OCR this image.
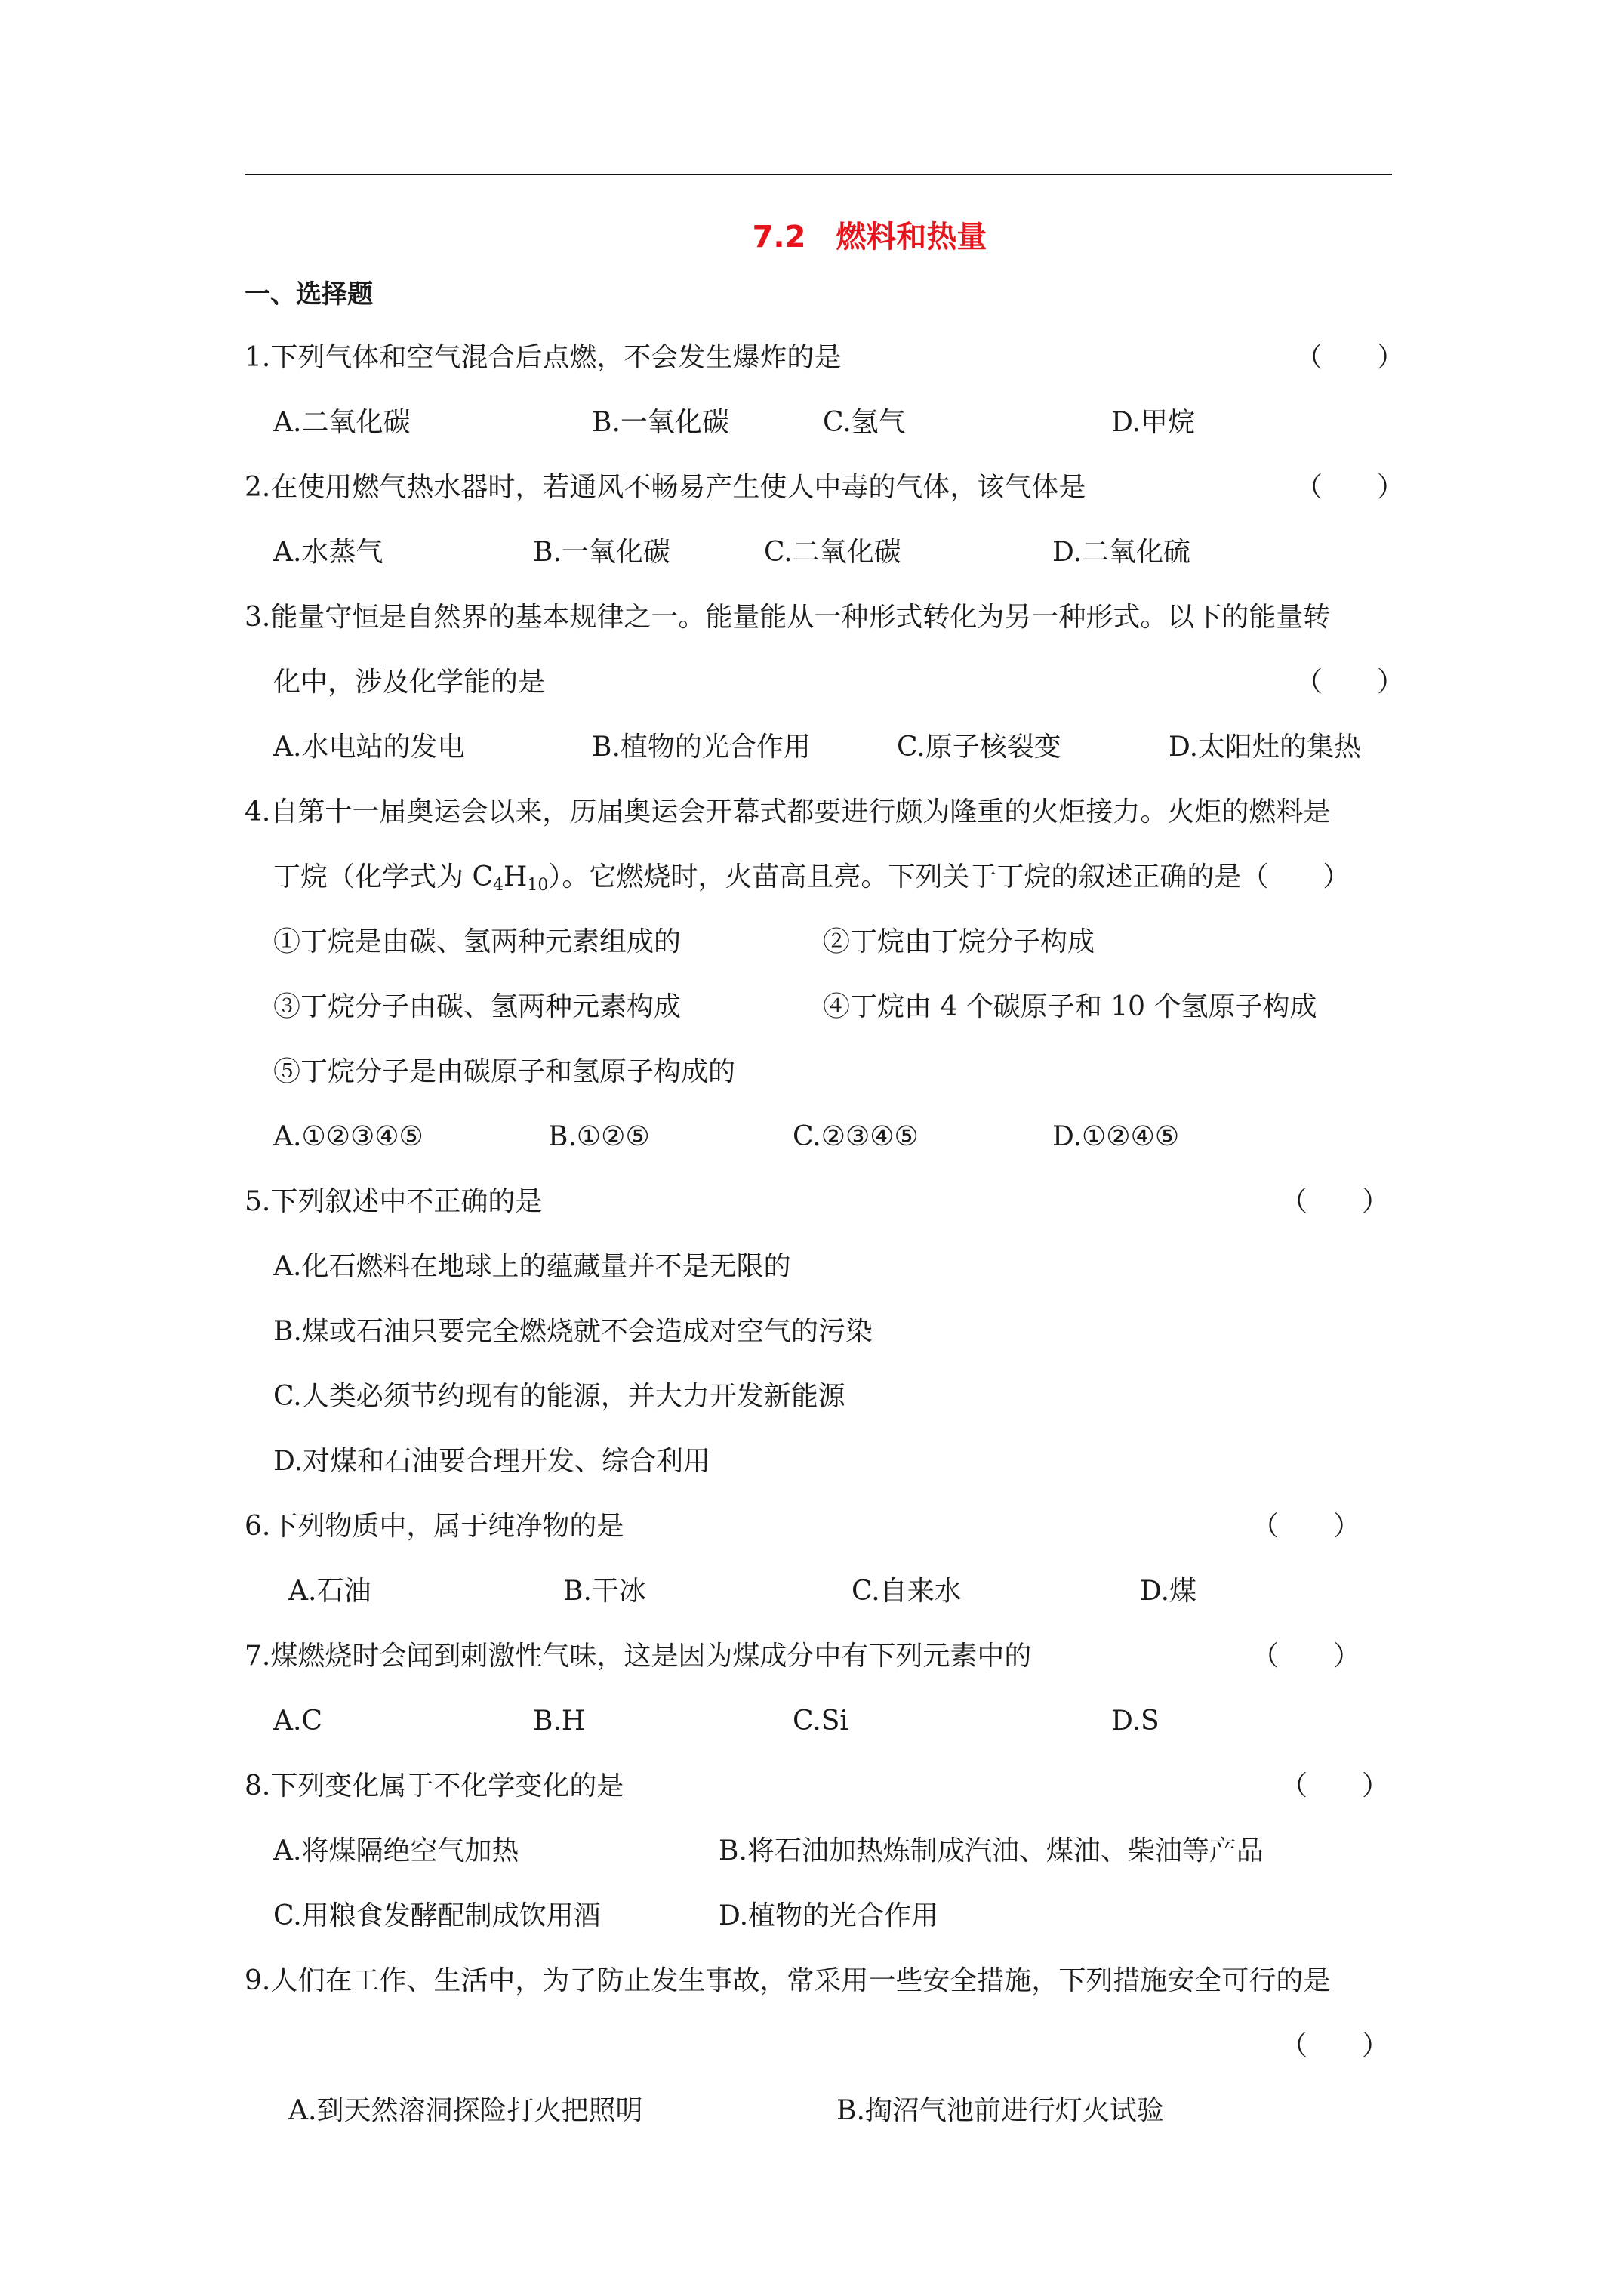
7.2　燃料和热量
一、选择题
1.下列气体和空气混合后点燃，不会发生爆炸的是	（　　）
A.二氧化碳	B.一氧化碳	C.氢气	D.甲烷
2.在使用燃气热水器时，若通风不畅易产生使人中毒的气体，该气体是	（　　）
A.水蒸气	B.一氧化碳	C.二氧化碳	D.二氧化硫
3.能量守恒是自然界的基本规律之一。能量能从一种形式转化为另一种形式。以下的能量转
化中，涉及化学能的是	（　　）
A.水电站的发电	B.植物的光合作用	C.原子核裂变	D.太阳灶的集热
4.自第十一届奥运会以来，历届奥运会开幕式都要进行颇为隆重的火炬接力。火炬的燃料是
丁烷（化学式为 $C_4H_{10}$）。它燃烧时，火苗高且亮。下列关于丁烷的叙述正确的是（　　）
①丁烷是由碳、氢两种元素组成的	②丁烷由丁烷分子构成
③丁烷分子由碳、氢两种元素构成	④丁烷由 4 个碳原子和 10 个氢原子构成
⑤丁烷分子是由碳原子和氢原子构成的
A.①②③④⑤	B.①②⑤	C.②③④⑤	D.①②④⑤
5.下列叙述中不正确的是	（　　）
A.化石燃料在地球上的蕴藏量并不是无限的
B.煤或石油只要完全燃烧就不会造成对空气的污染
C.人类必须节约现有的能源，并大力开发新能源
D.对煤和石油要合理开发、综合利用
6.下列物质中，属于纯净物的是	（　　）
A.石油	B.干冰	C.自来水	D.煤
7.煤燃烧时会闻到刺激性气味，这是因为煤成分中有下列元素中的	（　　）
A.C	B.H	C.Si	D.S
8.下列变化属于不化学变化的是	（　　）
A.将煤隔绝空气加热	B.将石油加热炼制成汽油、煤油、柴油等产品
C.用粮食发酵配制成饮用酒	D.植物的光合作用
9.人们在工作、生活中，为了防止发生事故，常采用一些安全措施，下列措施安全可行的是
（　　）
A.到天然溶洞探险打火把照明	B.掏沼气池前进行灯火试验
